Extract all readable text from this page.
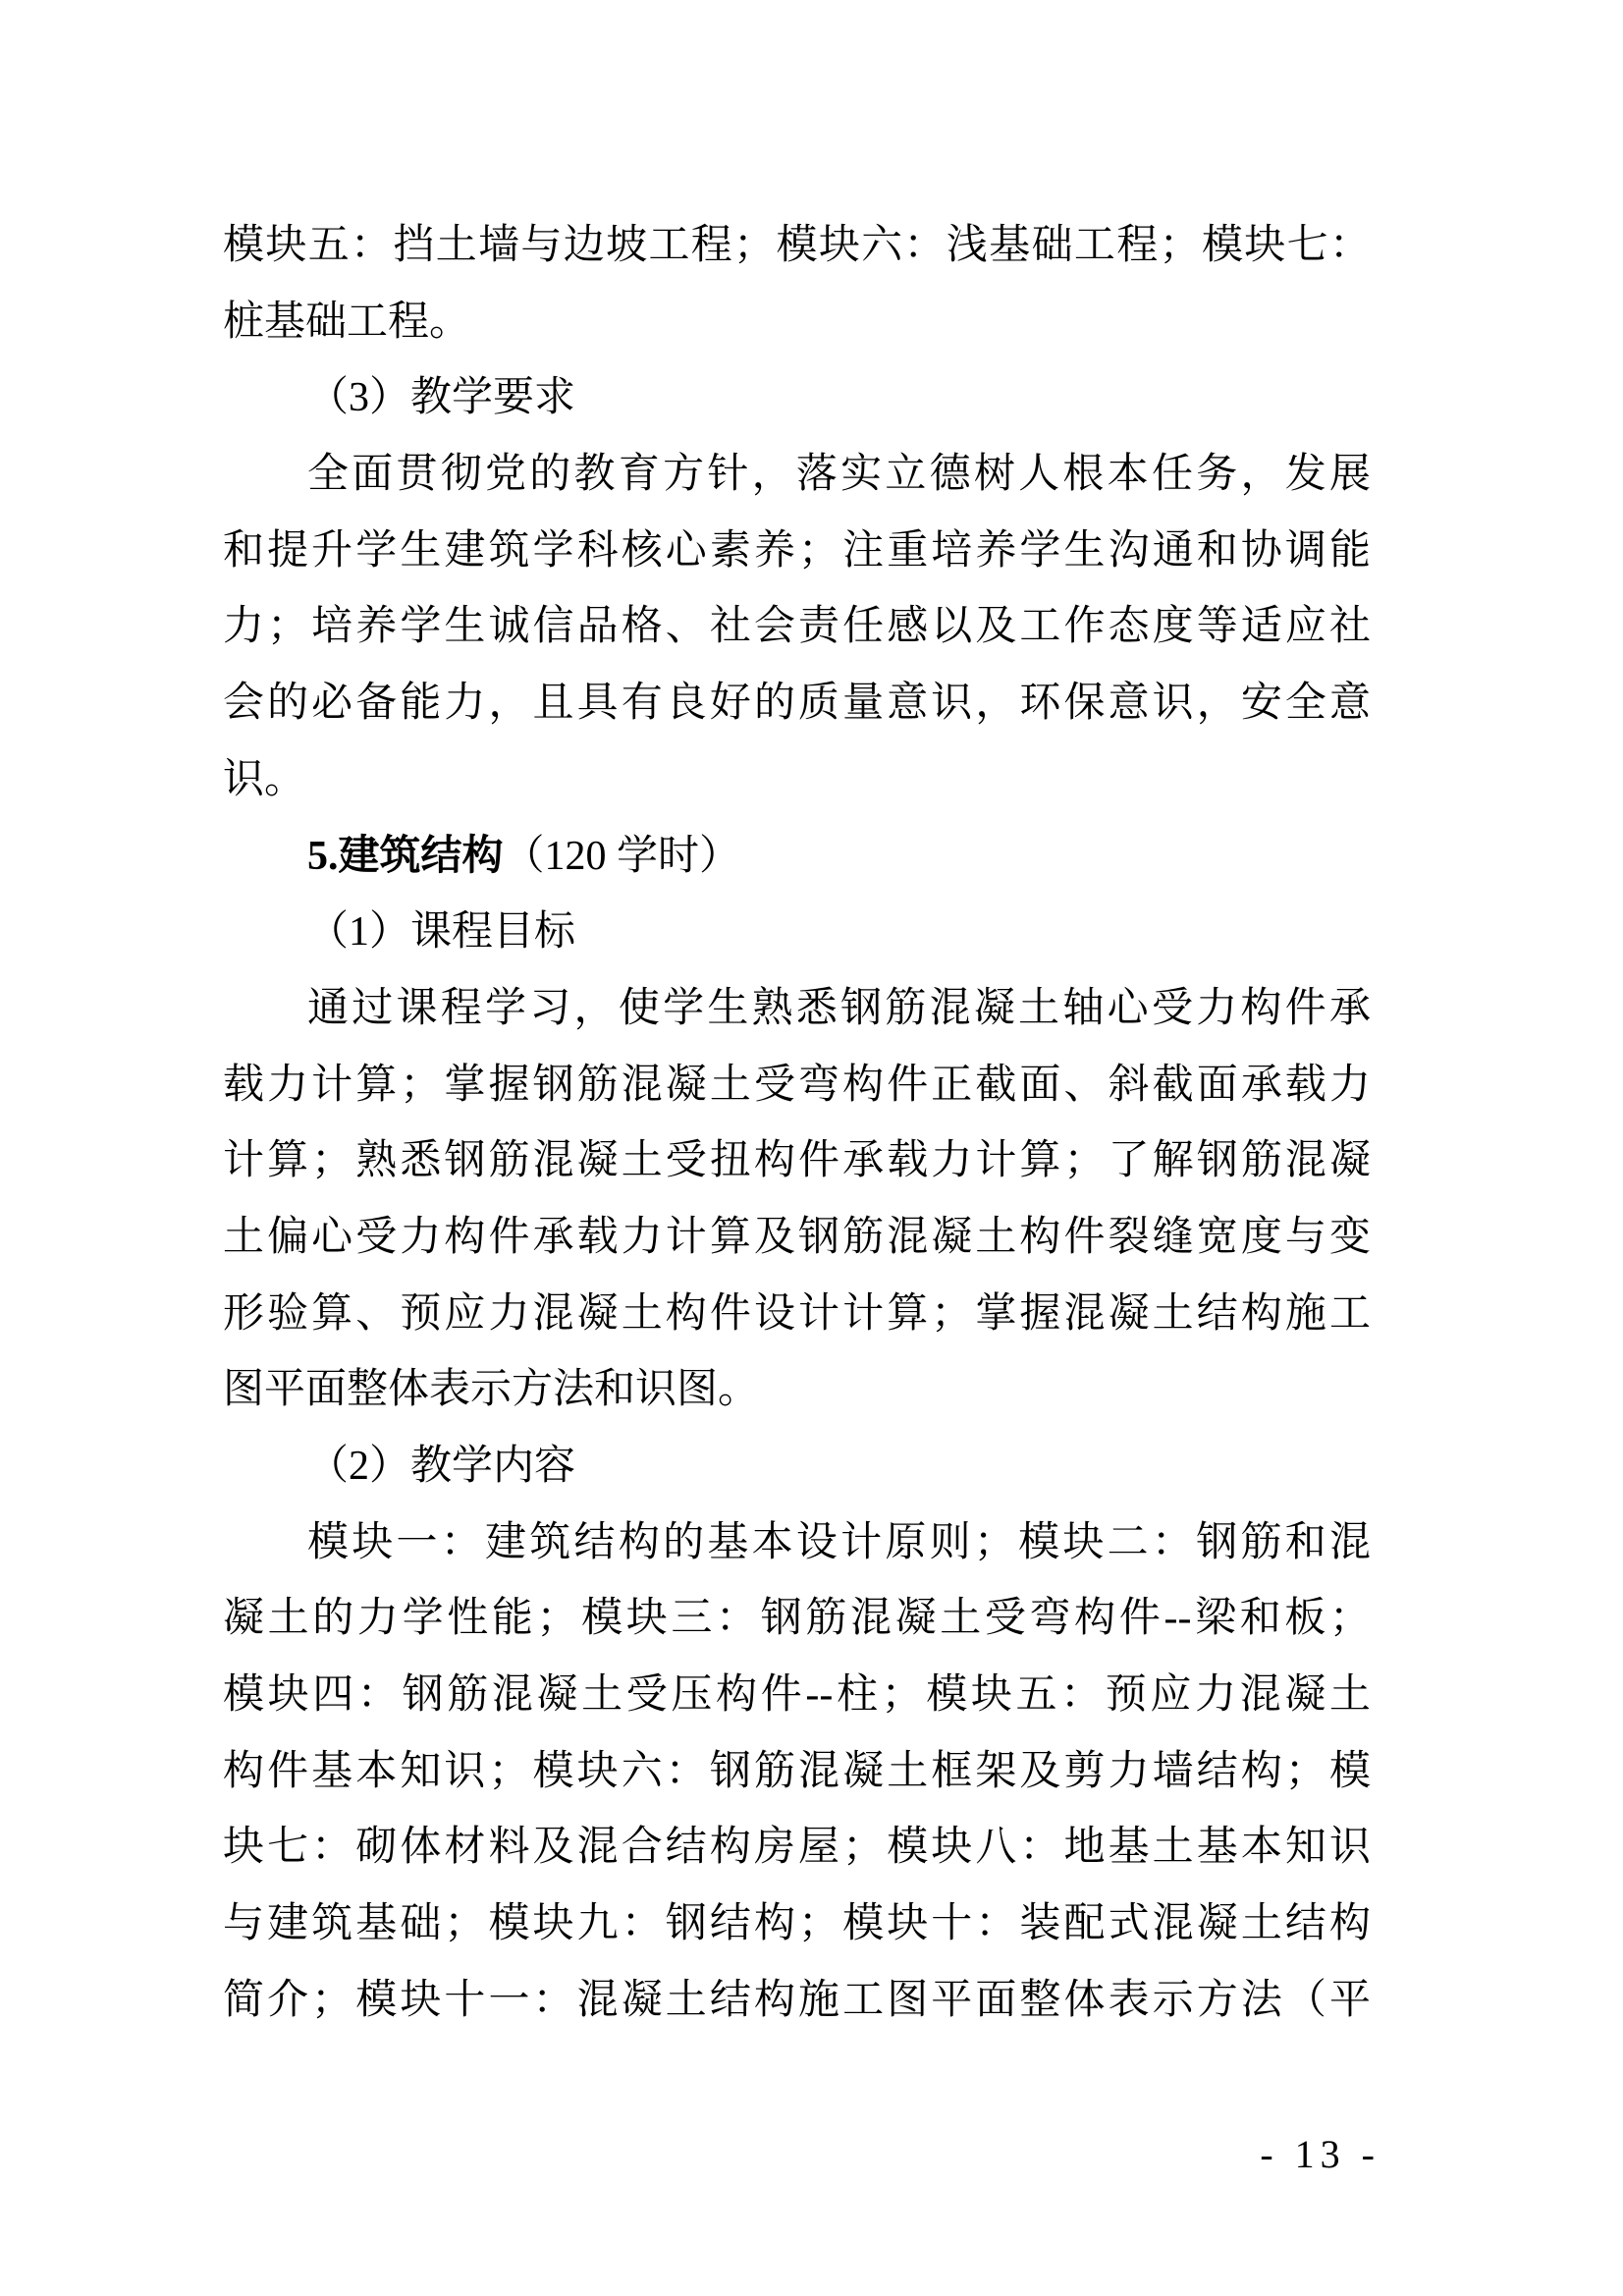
模块五：挡土墙与边坡工程；模块六：浅基础工程；模块七：
桩基础工程。
（3）教学要求
全面贯彻党的教育方针，落实立德树人根本任务，发展
和提升学生建筑学科核心素养；注重培养学生沟通和协调能
力；培养学生诚信品格、社会责任感以及工作态度等适应社
会的必备能力，且具有良好的质量意识，环保意识，安全意
识。
5.建筑结构（120 学时）
（1）课程目标
通过课程学习，使学生熟悉钢筋混凝土轴心受力构件承
载力计算；掌握钢筋混凝土受弯构件正截面、斜截面承载力
计算；熟悉钢筋混凝土受扭构件承载力计算；了解钢筋混凝
土偏心受力构件承载力计算及钢筋混凝土构件裂缝宽度与变
形验算、预应力混凝土构件设计计算；掌握混凝土结构施工
图平面整体表示方法和识图。
（2）教学内容
模块一：建筑结构的基本设计原则；模块二：钢筋和混
凝土的力学性能；模块三：钢筋混凝土受弯构件--梁和板；
模块四：钢筋混凝土受压构件--柱；模块五：预应力混凝土
构件基本知识；模块六：钢筋混凝土框架及剪力墙结构；模
块七：砌体材料及混合结构房屋；模块八：地基土基本知识
与建筑基础；模块九：钢结构；模块十：装配式混凝土结构
简介；模块十一：混凝土结构施工图平面整体表示方法（平
- 13 -
